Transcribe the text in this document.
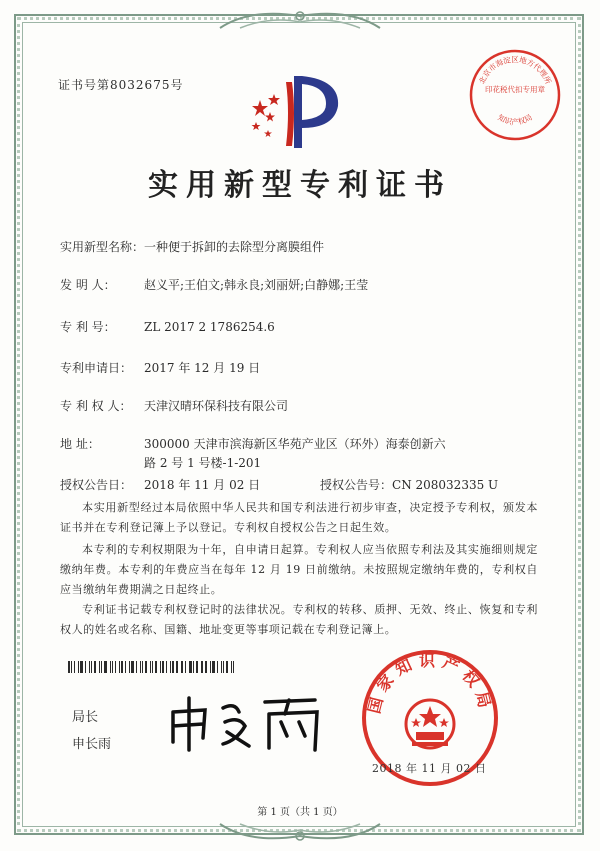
证书号第8032675号	北京市海淀区地方代理所
印花税代扣专用章
知识产权局
实用新型专利证书
实用新型名称：一种便于拆卸的去除型分离膜组件
发 明 人： 赵义平;王伯文;韩永良;刘丽妍;白静娜;王莹
专 利 号： ZL 2017 2 1786254.6
专利申请日： 2017 年 12 月 19 日
专 利 权 人： 天津汉晴环保科技有限公司
地 址：	300000 天津市滨海新区华苑产业区（环外）海泰创新六
路 2 号 1 号楼-1-201
授权公告日： 2018 年 11 月 02 日	授权公告号：CN 208032335 U
本实用新型经过本局依照中华人民共和国专利法进行初步审查，决定授予专利权，颁发本证书并在专利登记簿上予以登记。专利权自授权公告之日起生效。
本专利的专利权期限为十年，自申请日起算。专利权人应当依照专利法及其实施细则规定缴纳年费。本专利的年费应当在每年 12 月 19 日前缴纳。未按照规定缴纳年费的，专利权自应当缴纳年费期满之日起终止。
专利证书记载专利权登记时的法律状况。专利权的转移、质押、无效、终止、恢复和专利权人的姓名或名称、国籍、地址变更等事项记载在专利登记簿上。
局长
申长雨
国家知识产权局
2018 年 11 月 02 日
第 1 页（共 1 页）
